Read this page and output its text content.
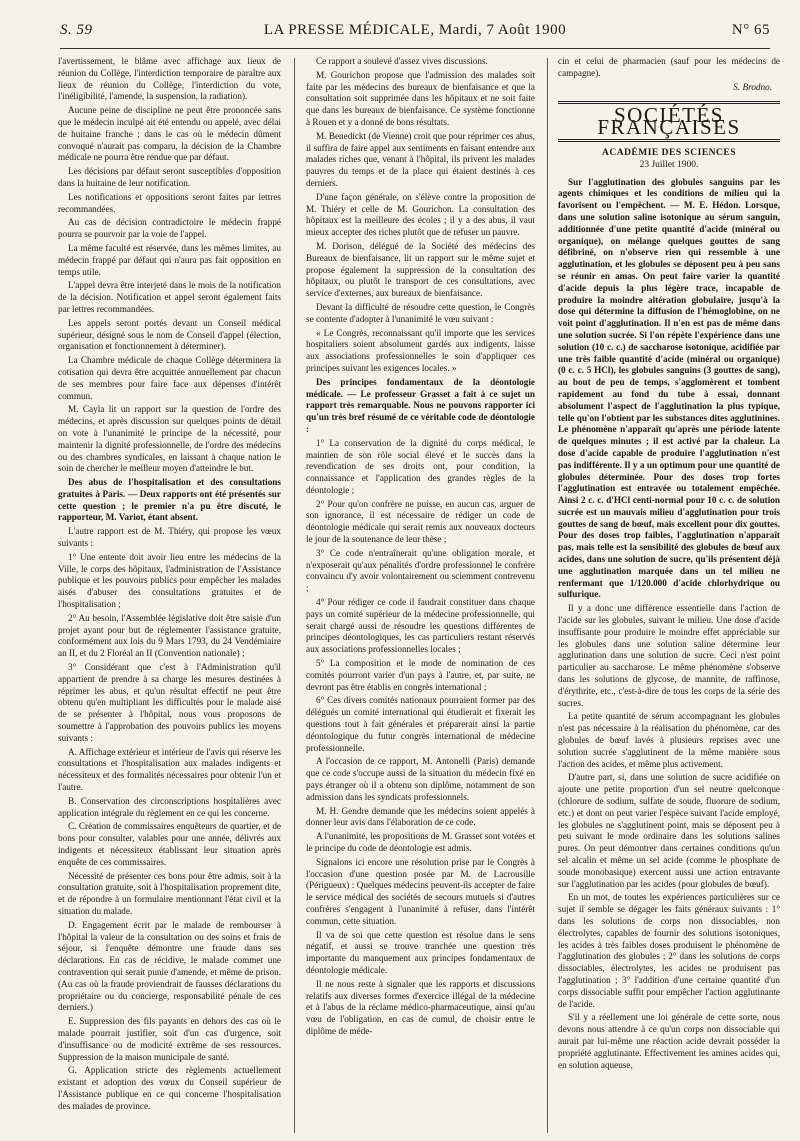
S. 59	LA PRESSE MÉDICALE, Mardi, 7 Août 1900	N° 65

l'avertissement, le blâme avec affichage aux lieux de réunion du Collège, l'interdiction temporaire de paraître aux lieux de réunion du Collège, l'interdiction du vote, l'inéligibilité, l'amende, la suspension, la radiation).

Aucune peine de discipline ne peut être prononcée sans que le médecin inculpé ait été entendu ou appelé, avec délai de huitaine franche ; dans le cas où le médecin dûment convoqué n'aurait pas comparu, la décision de la Chambre médicale ne pourra être rendue que par défaut.

Les décisions par défaut seront susceptibles d'opposition dans la huitaine de leur notification.

Les notifications et oppositions seront faites par lettres recommandées.

Au cas de décision contradictoire le médecin frappé pourra se pourvoir par la voie de l'appel.

La même faculté est réservée, dans les mêmes limites, au médecin frappé par défaut qui n'aura pas fait opposition en temps utile.

L'appel devra être interjeté dans le mois de la notification de la décision. Notification et appel seront également faits par lettres recommandées.

Les appels seront portés devant un Conseil médical supérieur, désigné sous le nom de Conseil d'appel (élection, organisation et fonctionnement à déterminer).

La Chambre médicale de chaque Collège déterminera la cotisation qui devra être acquittée annuellement par chacun de ses membres pour faire face aux dépenses d'intérêt commun.

M. Cayla lit un rapport sur la question de l'ordre des médecins, et après discussion sur quelques points de détail on vote à l'unanimité le principe de la nécessité, pour maintenir la dignité professionnelle, de l'ordre des médecins ou des chambres syndicales, en laissant à chaque nation le soin de chercher le meilleur moyen d'atteindre le but.

Des abus de l'hospitalisation et des consultations gratuites à Paris. — Deux rapports ont été présentés sur cette question ; le premier n'a pu être discuté, le rapporteur, M. Variot, étant absent.

L'autre rapport est de M. Thiéry, qui propose les vœux suivants :

1° Une entente doit avoir lieu entre les médecins de la Ville, le corps des hôpitaux, l'administration de l'Assistance publique et les pouvoirs publics pour empêcher les malades aisés d'abuser des consultations gratuites et de l'hospitalisation ;

2° Au besoin, l'Assemblée législative doit être saisie d'un projet ayant pour but de réglementer l'assistance gratuite, conformément aux lois du 9 Mars 1793, du 24 Vendémiaire an II, et du 2 Floréal an II (Convention nationale) ;

3° Considérant que c'est à l'Administration qu'il appartient de prendre à sa charge les mesures destinées à réprimer les abus, et qu'un résultat effectif ne peut être obtenu qu'en multipliant les difficultés pour le malade aisé de se présenter à l'hôpital, nous vous proposons de soumettre à l'approbation des pouvoirs publics les moyens suivants :

A. Affichage extérieur et intérieur de l'avis qui réserve les consultations et l'hospitalisation aux malades indigents et nécessiteux et des formalités nécessaires pour obtenir l'un et l'autre.

B. Conservation des circonscriptions hospitalières avec application intégrale du règlement en ce qui les concerne.

C. Création de commissaires enquêteurs de quartier, et de bons pour consulter, valables pour une année, délivrés aux indigents et nécessiteux établissant leur situation après enquête de ces commissaires.

Nécessité de présenter ces bons pour être admis, soit à la consultation gratuite, soit à l'hospitalisation proprement dite, et de répondre à un formulaire mentionnant l'état civil et la situation du malade.

D. Engagement écrit par le malade de rembourser à l'hôpital la valeur de la consultation ou des soins et frais de séjour, si l'enquête démontre une fraude dans ses déclarations. En cas de récidive, le malade commet une contravention qui serait punie d'amende, et même de prison. (Au cas où la fraude proviendrait de fausses déclarations du propriétaire ou du concierge, responsabilité pénale de ces derniers.)

E. Suppression des fils payants en dehors des cas où le malade pourrait justifier, soit d'un cas d'urgence, soit d'insuffisance ou de modicité extrême de ses ressources. Suppression de la maison municipale de santé.

G. Application stricte des règlements actuellement existant et adoption des vœux du Conseil supérieur de l'Assistance publique en ce qui concerne l'hospitalisation des malades de province.

Ce rapport a soulevé d'assez vives discussions.

M. Gourichon propose que l'admission des malades soit faite par les médecins des bureaux de bienfaisance et que la consultation soit supprimée dans les hôpitaux et ne soit faite que dans les bureaux de bienfaisance. Ce système fonctionne à Rouen et y a donné de bons résultats.

M. Benedickt (de Vienne) croit que pour réprimer ces abus, il suffira de faire appel aux sentiments en faisant entendre aux malades riches que, venant à l'hôpital, ils privent les malades pauvres du temps et de la place qui étaient destinés à ces derniers.

D'une façon générale, on s'élève contre la proposition de M. Thiéry et celle de M. Gourichon. La consultation des hôpitaux est la meilleure des écoles ; il y a des abus, il vaut mieux accepter des riches plutôt que de refuser un pauvre.

M. Dorison, délégué de la Société des médecins des Bureaux de bienfaisance, lit un rapport sur le même sujet et propose également la suppression de la consultation des hôpitaux, ou plutôt le transport de ces consultations, avec service d'externes, aux bureaux de bienfaisance.

Devant la difficulté de résoudre cette question, le Congrès se contente d'adopter à l'unanimité le vœu suivant :

« Le Congrès, reconnaissant qu'il importe que les services hospitaliers soient absolument gardés aux indigents, laisse aux associations professionnelles le soin d'appliquer ces principes suivant les exigences locales. »

Des principes fondamentaux de la déontologie médicale. — Le professeur Grasset a fait à ce sujet un rapport très remarquable. Nous ne pouvons rapporter ici qu'un très bref résumé de ce véritable code de déontologie :

1° La conservation de la dignité du corps médical, le maintien de son rôle social élevé et le succès dans la revendication de ses droits ont, pour condition, la connaissance et l'application des grandes règles de la déontologie ;

2° Pour qu'on confrère ne puisse, en aucun cas, arguer de son ignorance, il est nécessaire de rédiger un code de déontologie médicale qui serait remis aux nouveaux docteurs le jour de la soutenance de leur thèse ;

3° Ce code n'entraînerait qu'une obligation morale, et n'exposerait qu'aux pénalités d'ordre professionnel le confrère convaincu d'y avoir volontairement ou sciemment contrevenu ;

4° Pour rédiger ce code il faudrait constituer dans chaque pays un comité supérieur de la médecine professionnelle, qui serait chargé aussi de résoudre les questions différentes de principes déontologiques, les cas particuliers restant réservés aux associations professionnelles locales ;

5° La composition et le mode de nomination de ces comités pourront varier d'un pays à l'autre, et, par suite, ne devront pas être établis en congrès international ;

6° Ces divers comités nationaux pourraient former par des délégués un comité international qui étudierait et fixerait les questions tout à fait générales et préparerait ainsi la partie déontologique du futur congrès international de médecine professionnelle.

A l'occasion de ce rapport, M. Antonelli (Paris) demande que ce code s'occupe aussi de la situation du médecin fixé en pays étranger où il a obtenu son diplôme, notamment de son admission dans les syndicats professionnels.

M. H. Gendre demande que les médecins soient appelés à donner leur avis dans l'élaboration de ce code.

A l'unanimité, les propositions de M. Grasset sont votées et le principe du code de déontologie est admis.

Signalons ici encore une résolution prise par le Congrès à l'occasion d'une question posée par M. de Lacrousille (Périgueux) : Quelques médecins peuvent-ils accepter de faire le service médical des sociétés de secours mutuels si d'autres confrères s'engagent à l'unanimité à refuser, dans l'intérêt commun, cette situation.

Il va de soi que cette question est résolue dans le sens négatif, et aussi se trouve tranchée une question très importante du manquement aux principes fondamentaux de déontologie médicale.

Il ne nous reste à signaler que les rapports et discussions relatifs aux diverses formes d'exercice illégal de la médecine et à l'abus de la réclame médico-pharmaceutique, ainsi qu'au vœu de l'obligation, en cas de cumul, de choisir entre le diplôme de méde-

cin et celui de pharmacien (sauf pour les médecins de campagne).

S. Brodno.

SOCIÉTÉS FRANÇAISES
ACADÉMIE DES SCIENCES
23 Juillet 1900.

Sur l'agglutination des globules sanguins par les agents chimiques et les conditions de milieu qui la favorisent ou l'empêchent. — M. E. Hédon. Lorsque, dans une solution saline isotonique au sérum sanguin, additionnée d'une petite quantité d'acide (minéral ou organique), on mélange quelques gouttes de sang défibriné, on n'observe rien qui ressemble à une agglutination, et les globules se déposent peu à peu sans se réunir en amas. On peut faire varier la quantité d'acide depuis la plus légère trace, incapable de produire la moindre altération globulaire, jusqu'à la dose qui détermine la diffusion de l'hémoglobine, on ne voit point d'agglutination. Il n'en est pas de même dans une solution sucrée. Si l'on répète l'expérience dans une solution (10 c. c.) de saccharose isotonique, acidifiée par une très faible quantité d'acide (minéral ou organique) (0 c. c. 5 HCl), les globules sanguins (3 gouttes de sang), au bout de peu de temps, s'agglomèrent et tombent rapidement au fond du tube à essai, donnant absolument l'aspect de l'agglutination la plus typique, telle qu'on l'obtient par les substances dites agglutinines. Le phénomène n'apparaît qu'après une période latente de quelques minutes ; il est activé par la chaleur. La dose d'acide capable de produire l'agglutination n'est pas indifférente. Il y a un optimum pour une quantité de globules déterminée. Pour des doses trop fortes l'agglutination est entravée ou totalement empêchée. Ainsi 2 c. c. d'HCl centi-normal pour 10 c. c. de solution sucrée est un mauvais milieu d'agglutination pour trois gouttes de sang de bœuf, mais excellent pour dix gouttes. Pour des doses trop faibles, l'agglutination n'apparaît pas, mais telle est la sensibilité des globules de bœuf aux acides, dans une solution de sucre, qu'ils présentent déjà une agglutination marquée dans un tel milieu ne renfermant que 1/120.000 d'acide chlorhydrique ou sulfurique.

Il y a donc une différence essentielle dans l'action de l'acide sur les globules, suivant le milieu. Une dose d'acide insuffisante pour produire le moindre effet appréciable sur les globules dans une solution saline détermine leur agglutination dans une solution de sucre. Ceci n'est point particulier au saccharose. Le même phénomène s'observe dans les solutions de glycose, de mannite, de raffinose, d'érythrite, etc., c'est-à-dire de tous les corps de la série des sucres.

La petite quantité de sérum accompagnant les globules n'est pas nécessaire à la réalisation du phénomène, car des globules de bœuf lavés à plusieurs reprises avec une solution sucrée s'agglutinent de la même manière sous l'action des acides, et même plus activement.

D'autre part, si, dans une solution de sucre acidifiée on ajoute une petite proportion d'un sel neutre quelconque (chlorure de sodium, sulfate de soude, fluorure de sodium, etc.) et dont on peut varier l'espèce suivant l'acide employé, les globules ne s'agglutinent point, mais se déposent peu à peu suivant le mode ordinaire dans les solutions salines pures. On peut démontrer dans certaines conditions qu'un sel alcalin et même un sel acide (comme le phosphate de soude monobasique) exercent aussi une action entravante sur l'agglutination par les acides (pour globules de bœuf).

En un mot, de toutes les expériences particulières sur ce sujet il semble se dégager les faits généraux suivants : 1° dans les solutions de corps non dissociables, non électrolytes, capables de fournir des solutions isotoniques, les acides à très faibles doses produisent le phénomène de l'agglutination des globules ; 2° dans les solutions de corps dissociables, électrolytes, les acides ne produisent pas l'agglutination ; 3° l'addition d'une certaine quantité d'un corps dissociable suffit pour empêcher l'action agglutinante de l'acide.

S'il y a réellement une loi générale de cette sorte, nous devons nous attendre à ce qu'un corps non dissociable qui aurait par lui-même une réaction acide devrait posséder la propriété agglutinante. Effectivement les amines acides qui, en solution aqueuse,
